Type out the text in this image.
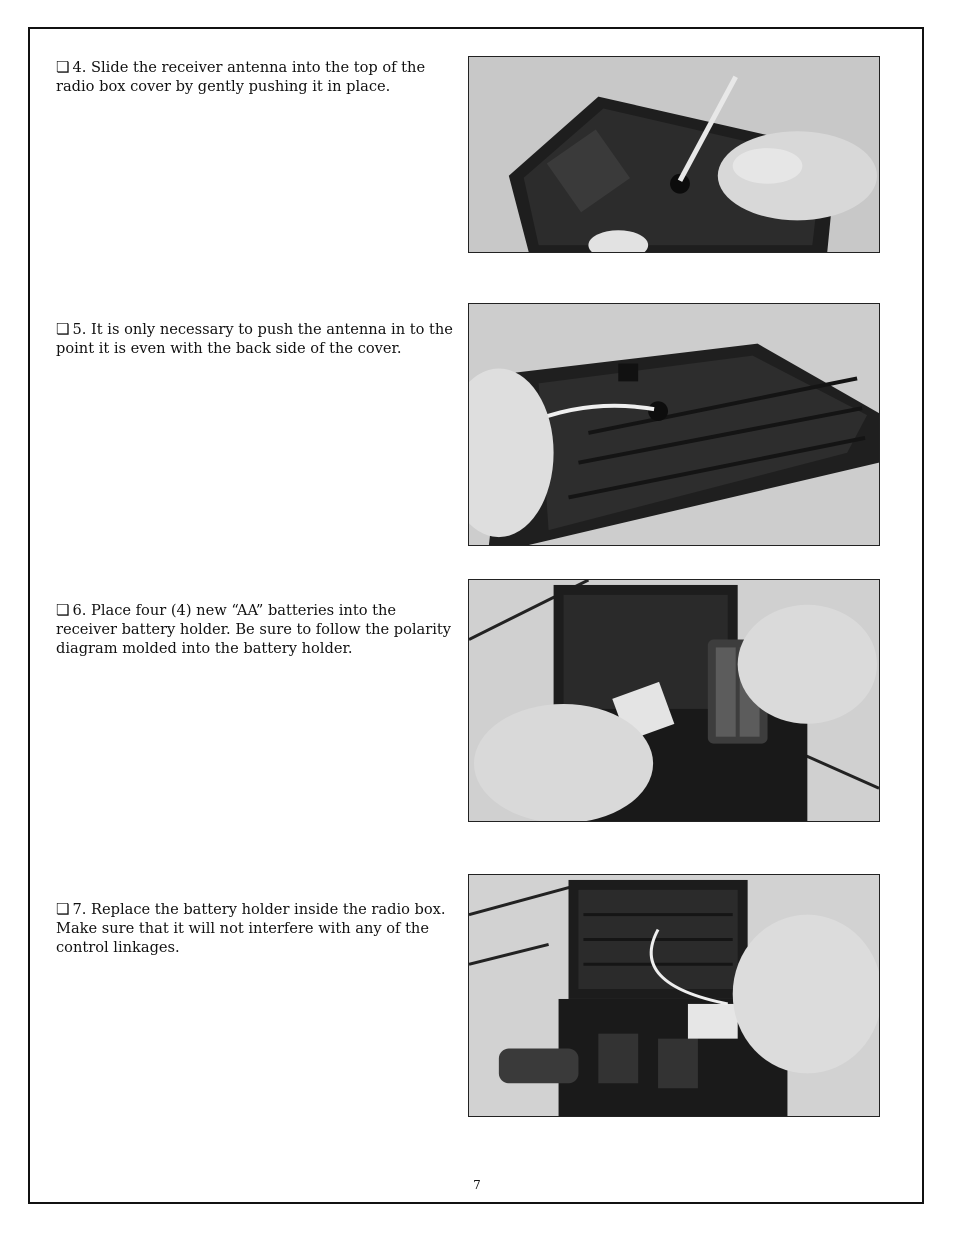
❏ 4. Slide the receiver antenna into the top of the radio box cover by gently pushing it in place.
❏ 5. It is only necessary to push the antenna in to the point it is even with the back side of the cover.
❏ 6. Place four (4) new “AA” batteries into the receiver battery holder. Be sure to follow the polarity diagram molded into the battery holder.
❏ 7. Replace the battery holder inside the radio box. Make sure that it will not interfere with any of the control linkages.
7
